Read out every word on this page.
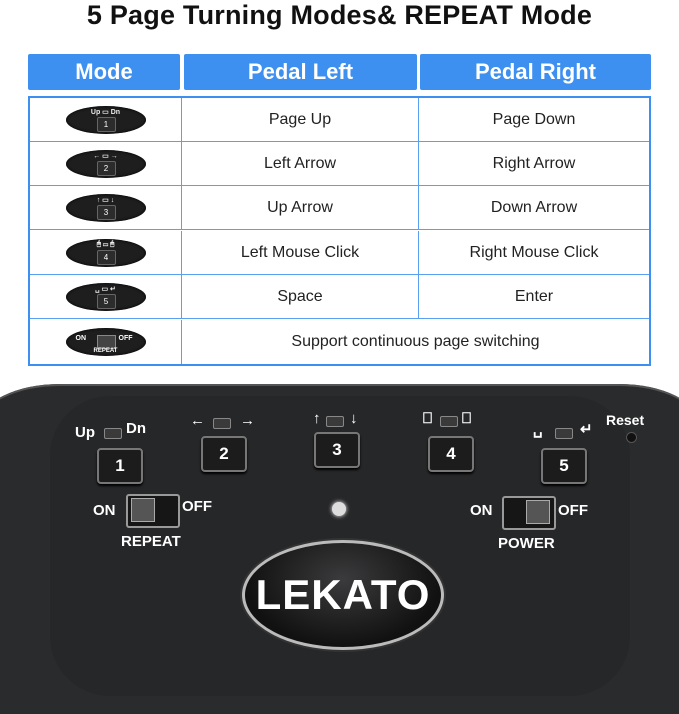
5 Page Turning Modes& REPEAT Mode
Mode	Pedal Left	Pedal Right
Up ▭ Dn
1	Page Up	Page Down
← ▭ →
2	Left Arrow	Right Arrow
↑ ▭ ↓
3	Up Arrow	Down Arrow
🖱 ▭ 🖱
4	Left Mouse Click	Right Mouse Click
␣ ▭ ↵
5	Space	Enter
ON	OFF
REPEAT
Support continuous page switching
Up Dn
1
← →
2
↑ ↓
3
⎕ ⎕
4
␣ ↵
5
Reset
ON	OFF
REPEAT
ON	OFF
POWER
LEKATO
